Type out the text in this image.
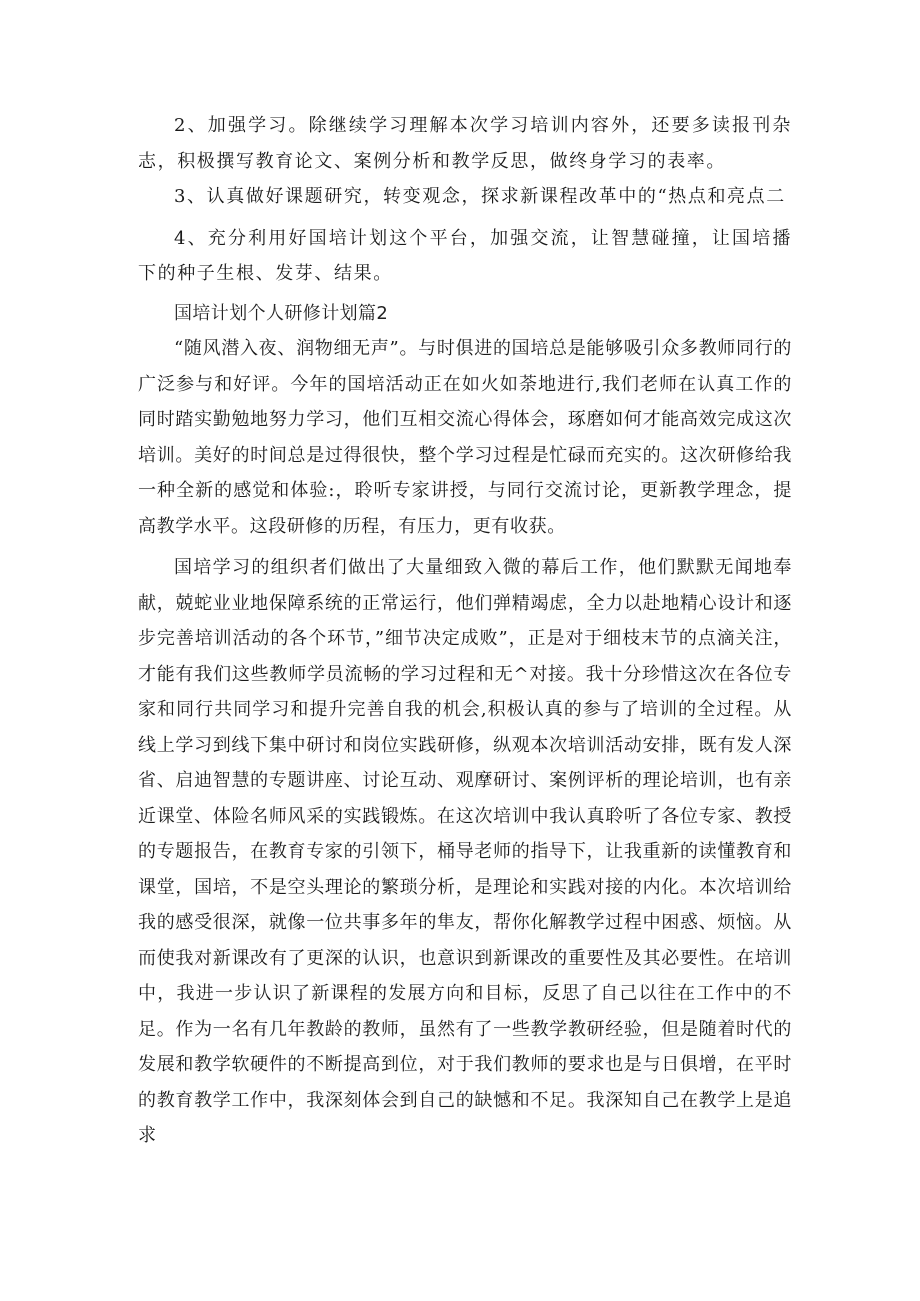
2、加强学习。除继续学习理解本次学习培训内容外，还要多读报刊杂志，积极撰写教育论文、案例分析和教学反思，做终身学习的表率。

3、认真做好课题研究，转变观念，探求新课程改革中的“热点和亮点二

4、充分利用好国培计划这个平台，加强交流，让智慧碰撞，让国培播下的种子生根、发芽、结果。

国培计划个人研修计划篇2

“随风潜入夜、润物细无声”。与时俱进的国培总是能够吸引众多教师同行的广泛参与和好评。今年的国培活动正在如火如荼地进行,我们老师在认真工作的同时踏实勤勉地努力学习，他们互相交流心得体会，琢磨如何才能高效完成这次培训。美好的时间总是过得很快，整个学习过程是忙碌而充实的。这次研修给我一种全新的感觉和体验:，聆听专家讲授，与同行交流讨论，更新教学理念，提高教学水平。这段研修的历程，有压力，更有收获。

国培学习的组织者们做出了大量细致入微的幕后工作，他们默默无闻地奉献，兢蛇业业地保障系统的正常运行，他们弹精竭虑，全力以赴地精心设计和逐步完善培训活动的各个环节，”细节决定成败”，正是对于细枝末节的点滴关注，才能有我们这些教师学员流畅的学习过程和无^对接。我十分珍惜这次在各位专家和同行共同学习和提升完善自我的机会,积极认真的参与了培训的全过程。从线上学习到线下集中研讨和岗位实践研修，纵观本次培训活动安排，既有发人深省、启迪智慧的专题讲座、讨论互动、观摩研讨、案例评析的理论培训，也有亲近课堂、体险名师风采的实践锻炼。在这次培训中我认真聆听了各位专家、教授的专题报告，在教育专家的引领下，桶导老师的指导下，让我重新的读懂教育和课堂，国培，不是空头理论的繁琐分析，是理论和实践对接的内化。本次培训给我的感受很深，就像一位共事多年的隼友，帮你化解教学过程中困惑、烦恼。从而使我对新课改有了更深的认识，也意识到新课改的重要性及其必要性。在培训中，我进一步认识了新课程的发展方向和目标，反思了自己以往在工作中的不足。作为一名有几年教龄的教师，虽然有了一些教学教研经验，但是随着时代的发展和教学软硬件的不断提高到位，对于我们教师的要求也是与日俱增，在平时的教育教学工作中，我深刻体会到自己的缺憾和不足。我深知自己在教学上是追求
